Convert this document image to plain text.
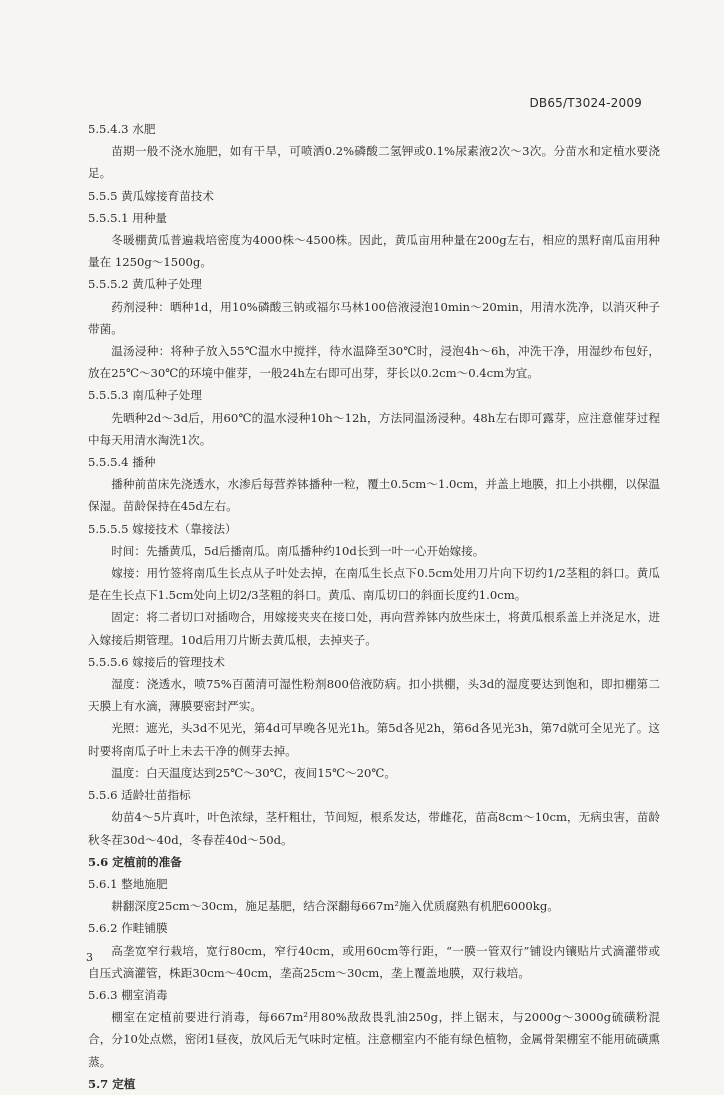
DB65/T3024-2009
5.5.4.3 水肥
苗期一般不浇水施肥，如有干旱，可喷洒0.2%磷酸二氢钾或0.1%尿素液2次～3次。分苗水和定植水要浇足。
5.5.5 黄瓜嫁接育苗技术
5.5.5.1 用种量
冬暖棚黄瓜普遍栽培密度为4000株～4500株。因此，黄瓜亩用种量在200g左右，相应的黑籽南瓜亩用种量在 1250g～1500g。
5.5.5.2 黄瓜种子处理
药剂浸种：晒种1d，用10%磷酸三钠或福尔马林100倍液浸泡10min～20min，用清水洗净，以消灭种子带菌。
温汤浸种：将种子放入55℃温水中搅拌，待水温降至30℃时，浸泡4h～6h，冲洗干净，用湿纱布包好，放在25℃～30℃的环境中催芽，一般24h左右即可出芽，芽长以0.2cm～0.4cm为宜。
5.5.5.3 南瓜种子处理
先晒种2d～3d后，用60℃的温水浸种10h～12h，方法同温汤浸种。48h左右即可露芽，应注意催芽过程中每天用清水淘洗1次。
5.5.5.4 播种
播种前苗床先浇透水，水渗后每营养钵播种一粒，覆土0.5cm～1.0cm，并盖上地膜，扣上小拱棚，以保温保湿。苗龄保持在45d左右。
5.5.5.5 嫁接技术（靠接法）
时间：先播黄瓜，5d后播南瓜。南瓜播种约10d长到一叶一心开始嫁接。
嫁接：用竹签将南瓜生长点从子叶处去掉，在南瓜生长点下0.5cm处用刀片向下切约1/2茎粗的斜口。黄瓜是在生长点下1.5cm处向上切2/3茎粗的斜口。黄瓜、南瓜切口的斜面长度约1.0cm。
固定：将二者切口对插吻合，用嫁接夹夹在接口处，再向营养钵内放些床土，将黄瓜根系盖上并浇足水，进入嫁接后期管理。10d后用刀片断去黄瓜根，去掉夹子。
5.5.5.6 嫁接后的管理技术
湿度：浇透水，喷75%百菌清可湿性粉剂800倍液防病。扣小拱棚，头3d的湿度要达到饱和，即扣棚第二天膜上有水滴，薄膜要密封严实。
光照：遮光，头3d不见光，第4d可早晚各见光1h。第5d各见2h，第6d各见光3h，第7d就可全见光了。这时要将南瓜子叶上未去干净的侧芽去掉。
温度：白天温度达到25℃～30℃，夜间15℃～20℃。
5.5.6 适龄壮苗指标
幼苗4～5片真叶，叶色浓绿，茎杆粗壮，节间短，根系发达，带雌花，苗高8cm～10cm，无病虫害，苗龄秋冬茬30d～40d，冬春茬40d～50d。
5.6 定植前的准备
5.6.1 整地施肥
耕翻深度25cm～30cm，施足基肥，结合深翻每667m²施入优质腐熟有机肥6000kg。
5.6.2 作畦铺膜
高垄宽窄行栽培，宽行80cm，窄行40cm，或用60cm等行距，“一膜一管双行”铺设内镶贴片式滴灌带或自压式滴灌管，株距30cm～40cm，垄高25cm～30cm，垄上覆盖地膜，双行栽培。
5.6.3 棚室消毒
棚室在定植前要进行消毒，每667m²用80%敌敌畏乳油250g，拌上锯末，与2000g～3000g硫磺粉混合，分10处点燃，密闭1昼夜，放风后无气味时定植。注意棚室内不能有绿色植物，金属骨架棚室不能用硫磺熏蒸。
5.7 定植
3
